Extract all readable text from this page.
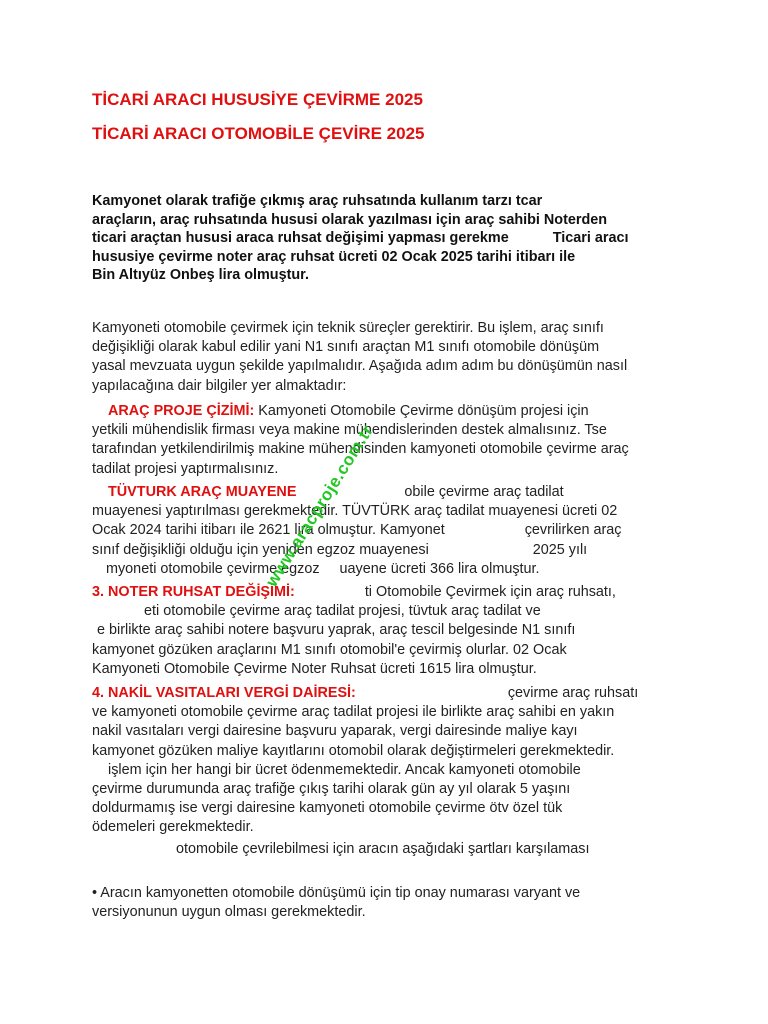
TİCARİ ARACI HUSUSİYE ÇEVİRME 2025
TİCARİ ARACI OTOMOBİLE ÇEVİRE 2025
Kamyonet olarak trafiğe çıkmış araç ruhsatında kullanım tarzı tcar
araçların, araç ruhsatında hususi olarak yazılması için araç sahibi Noterden
ticari araçtan hususi araca ruhsat değişimi yapması gerekme           Ticari aracı
hususiye çevirme noter araç ruhsat ücreti 02 Ocak 2025 tarihi itibarı ile
Bin Altıyüz Onbeş lira olmuştur.
Kamyoneti otomobile çevirmek için teknik süreçler gerektirir. Bu işlem, araç sınıfı
değişikliği olarak kabul edilir yani N1 sınıfı araçtan M1 sınıfı otomobile dönüşüm
yasal mevzuata uygun şekilde yapılmalıdır. Aşağıda adım adım bu dönüşümün nasıl
yapılacağına dair bilgiler yer almaktadır:
ARAÇ PROJE ÇİZİMİ: Kamyoneti Otomobile Çevirme dönüşüm projesi için
yetkili mühendislik firması veya makine mühendislerinden destek almalısınız. Tse
tarafından yetkilendirilmiş makine mühendisinden kamyoneti otomobile çevirme araç
tadilat projesi yaptırmalısınız.
TÜVTURK ARAÇ MUAYENE	obile çevirme araç tadilat
muayenesi yaptırılması gerekmektedir. TÜVTÜRK araç tadilat muayenesi ücreti 02
Ocak 2024 tarihi itibarı ile 2621 lira olmuştur. Kamyonet                    çevrilirken araç
sınıf değişikliği olduğu için yeniden egzoz muayenesi                          2025 yılı
myoneti otomobile çevirme egzoz     uayene ücreti 366 lira olmuştur.
3. NOTER RUHSAT DEĞİŞİMİ:	ti Otomobile Çevirmek için araç ruhsatı,
eti otomobile çevirme araç tadilat projesi, tüvtuk araç tadilat ve
e birlikte araç sahibi notere başvuru yaprak, araç tescil belgesinde N1 sınıfı
kamyonet gözüken araçlarını M1 sınıfı otomobil'e çevirmiş olurlar. 02 Ocak
Kamyoneti Otomobile Çevirme Noter Ruhsat ücreti 1615 lira olmuştur.
4. NAKİL VASITALARI VERGİ DAİRESİ:	çevirme araç ruhsatı
ve kamyoneti otomobile çevirme araç tadilat projesi ile birlikte araç sahibi en yakın
nakil vasıtaları vergi dairesine başvuru yaparak, vergi dairesinde maliye kayı
kamyonet gözüken maliye kayıtlarını otomobil olarak değiştirmeleri gerekmektedir.
işlem için her hangi bir ücret ödenmemektedir. Ancak kamyoneti otomobile
çevirme durumunda araç trafiğe çıkış tarihi olarak gün ay yıl olarak 5 yaşını
doldurmamış ise vergi dairesine kamyoneti otomobile çevirme ötv özel tük
ödemeleri gerekmektedir.
otomobile çevrilebilmesi için aracın aşağıdaki şartları karşılaması
• Aracın kamyonetten otomobile dönüşümü için tip onay numarası varyant ve
versiyonunun uygun olması gerekmektedir.
www.aracproje.com.tr
